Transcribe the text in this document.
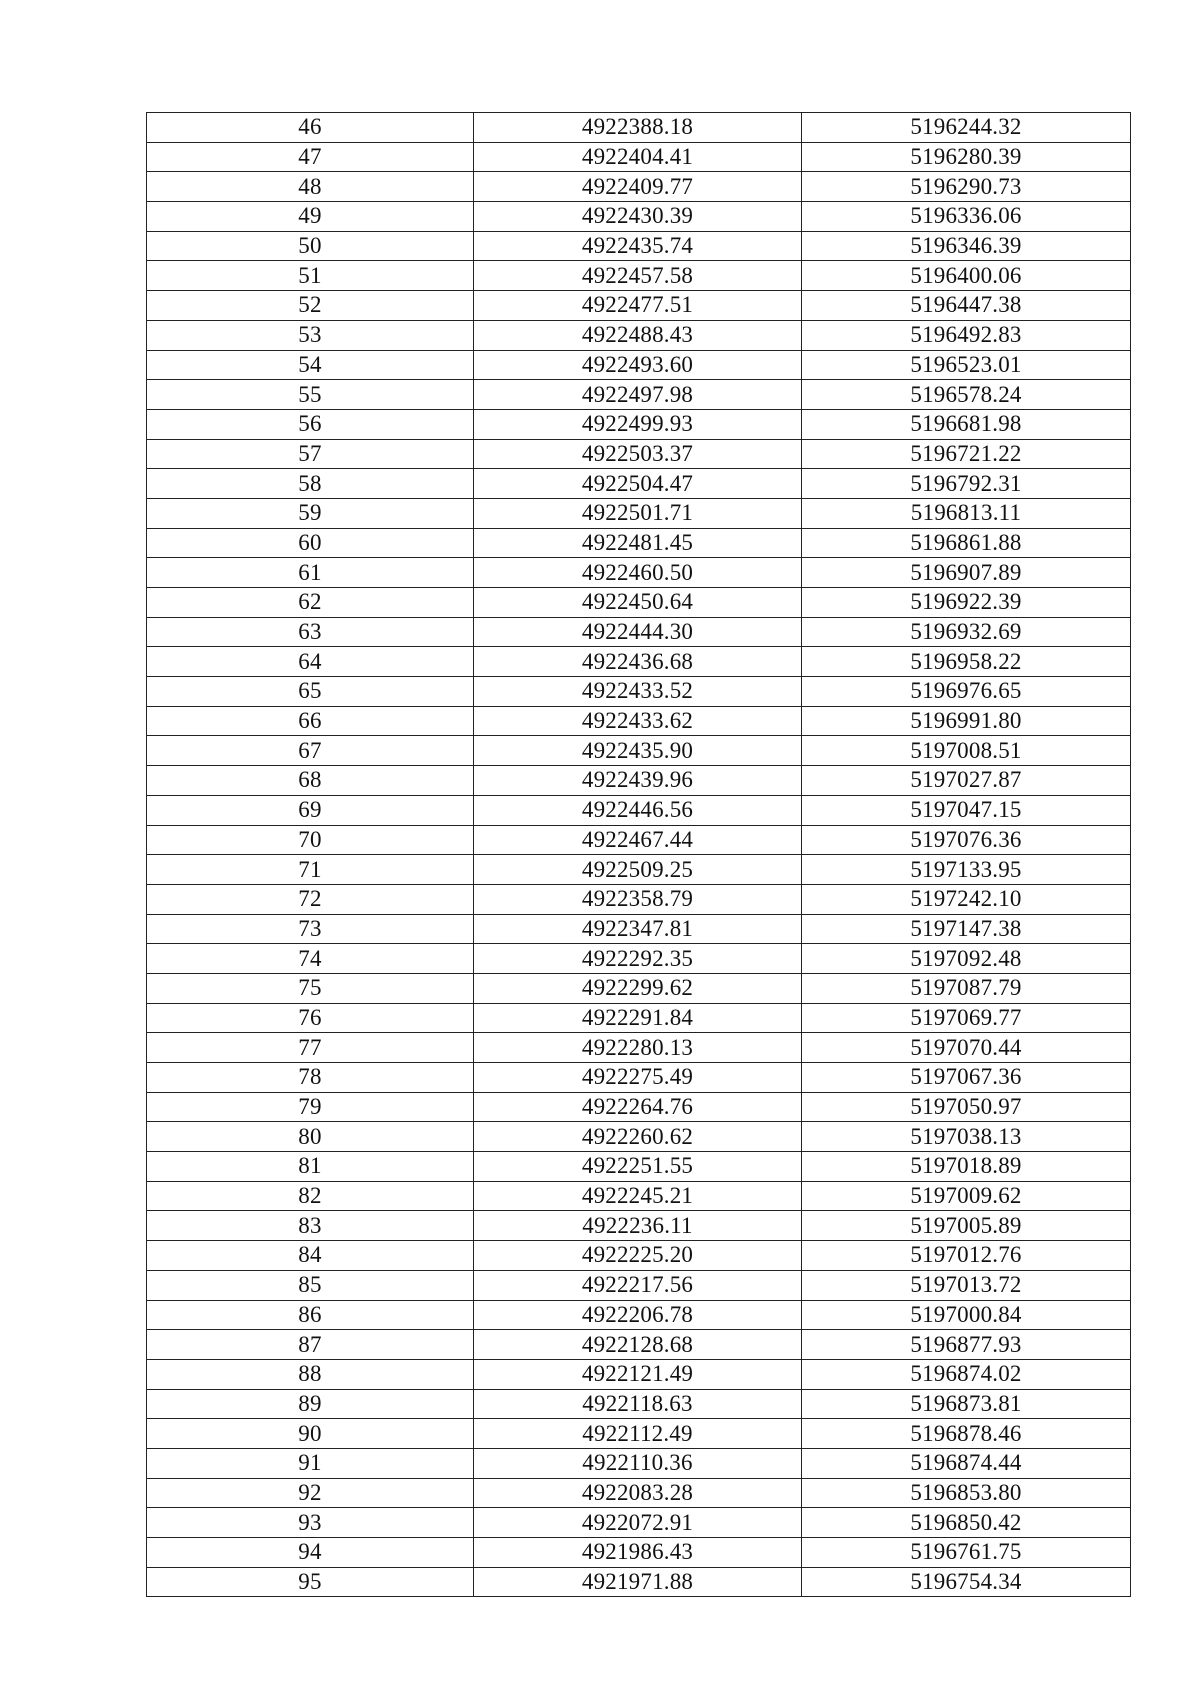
46	4922388.18	5196244.32
47	4922404.41	5196280.39
48	4922409.77	5196290.73
49	4922430.39	5196336.06
50	4922435.74	5196346.39
51	4922457.58	5196400.06
52	4922477.51	5196447.38
53	4922488.43	5196492.83
54	4922493.60	5196523.01
55	4922497.98	5196578.24
56	4922499.93	5196681.98
57	4922503.37	5196721.22
58	4922504.47	5196792.31
59	4922501.71	5196813.11
60	4922481.45	5196861.88
61	4922460.50	5196907.89
62	4922450.64	5196922.39
63	4922444.30	5196932.69
64	4922436.68	5196958.22
65	4922433.52	5196976.65
66	4922433.62	5196991.80
67	4922435.90	5197008.51
68	4922439.96	5197027.87
69	4922446.56	5197047.15
70	4922467.44	5197076.36
71	4922509.25	5197133.95
72	4922358.79	5197242.10
73	4922347.81	5197147.38
74	4922292.35	5197092.48
75	4922299.62	5197087.79
76	4922291.84	5197069.77
77	4922280.13	5197070.44
78	4922275.49	5197067.36
79	4922264.76	5197050.97
80	4922260.62	5197038.13
81	4922251.55	5197018.89
82	4922245.21	5197009.62
83	4922236.11	5197005.89
84	4922225.20	5197012.76
85	4922217.56	5197013.72
86	4922206.78	5197000.84
87	4922128.68	5196877.93
88	4922121.49	5196874.02
89	4922118.63	5196873.81
90	4922112.49	5196878.46
91	4922110.36	5196874.44
92	4922083.28	5196853.80
93	4922072.91	5196850.42
94	4921986.43	5196761.75
95	4921971.88	5196754.34
